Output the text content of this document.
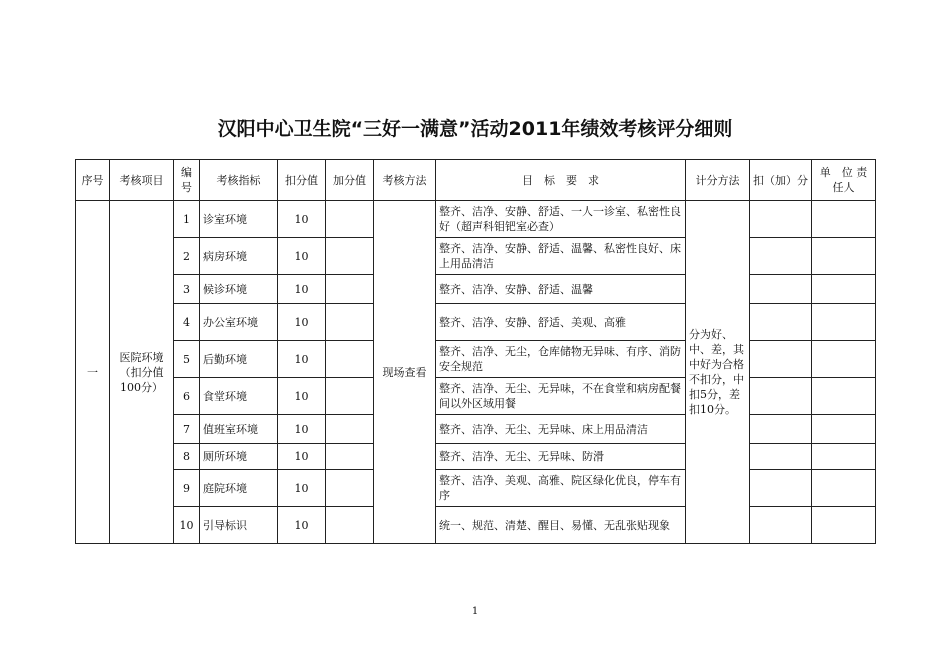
汉阳中心卫生院“三好一满意”活动2011年绩效考核评分细则
序号	考核项目	编号	考核指标	扣分值	加分值	考核方法	目　标　要　求	计分方法	扣（加）分	单　位 责任人
一	医院环境（扣分值100分）	1	诊室环境	10		现场查看	整齐、洁净、安静、舒适、一人一诊室、私密性良好（超声科钼钯室必查）	分为好、中、差，其中好为合格不扣分，中扣5分，差扣10分。		
		2	病房环境	10			整齐、洁净、安静、舒适、温馨、私密性良好、床上用品清洁			
		3	候诊环境	10			整齐、洁净、安静、舒适、温馨			
		4	办公室环境	10			整齐、洁净、安静、舒适、美观、高雅			
		5	后勤环境	10			整齐、洁净、无尘，仓库储物无异味、有序、消防安全规范			
		6	食堂环境	10			整齐、洁净、无尘、无异味，不在食堂和病房配餐间以外区域用餐			
		7	值班室环境	10			整齐、洁净、无尘、无异味、床上用品清洁			
		8	厕所环境	10			整齐、洁净、无尘、无异味、防滑			
		9	庭院环境	10			整齐、洁净、美观、高雅、院区绿化优良，停车有序			
		10	引导标识	10			统一、规范、清楚、醒目、易懂、无乱张贴现象			
1
